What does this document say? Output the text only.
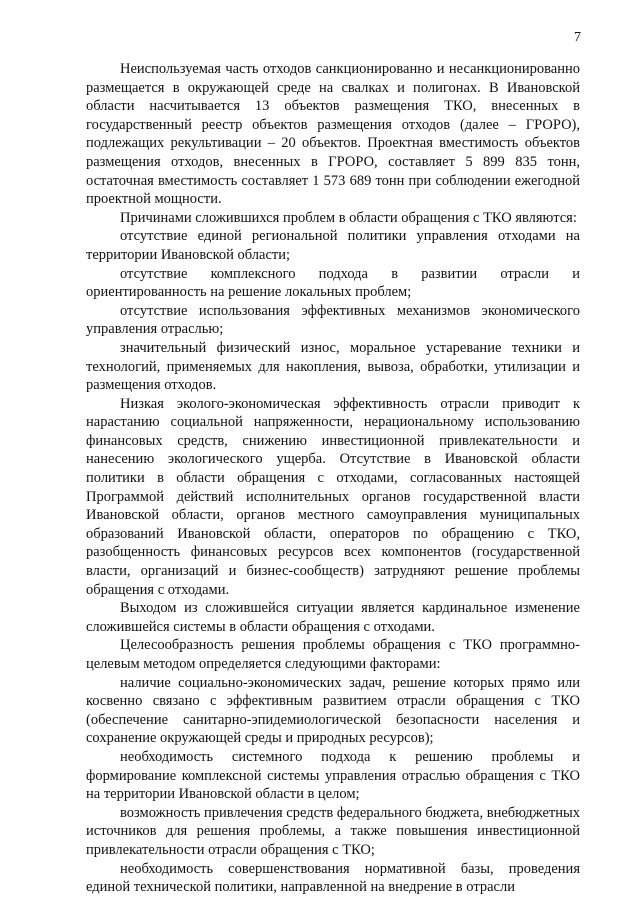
7

Неиспользуемая часть отходов санкционированно и несанкционированно размещается в окружающей среде на свалках и полигонах. В Ивановской области насчитывается 13 объектов размещения ТКО, внесенных в государственный реестр объектов размещения отходов (далее – ГРОРО), подлежащих рекультивации – 20 объектов. Проектная вместимость объектов размещения отходов, внесенных в ГРОРО, составляет 5 899 835 тонн, остаточная вместимость составляет 1 573 689 тонн при соблюдении ежегодной проектной мощности.

Причинами сложившихся проблем в области обращения с ТКО являются:

отсутствие единой региональной политики управления отходами на территории Ивановской области;

отсутствие комплексного подхода в развитии отрасли и ориентированность на решение локальных проблем;

отсутствие использования эффективных механизмов экономического управления отраслью;

значительный физический износ, моральное устаревание техники и технологий, применяемых для накопления, вывоза, обработки, утилизации и размещения отходов.

Низкая эколого-экономическая эффективность отрасли приводит к нарастанию социальной напряженности, нерациональному использованию финансовых средств, снижению инвестиционной привлекательности и нанесению экологического ущерба. Отсутствие в Ивановской области политики в области обращения с отходами, согласованных настоящей Программой действий исполнительных органов государственной власти Ивановской области, органов местного самоуправления муниципальных образований Ивановской области, операторов по обращению с ТКО, разобщенность финансовых ресурсов всех компонентов (государственной власти, организаций и бизнес-сообществ) затрудняют решение проблемы обращения с отходами.

Выходом из сложившейся ситуации является кардинальное изменение сложившейся системы в области обращения с отходами.

Целесообразность решения проблемы обращения с ТКО программно-целевым методом определяется следующими факторами:

наличие социально-экономических задач, решение которых прямо или косвенно связано с эффективным развитием отрасли обращения с ТКО (обеспечение санитарно-эпидемиологической безопасности населения и сохранение окружающей среды и природных ресурсов);

необходимость системного подхода к решению проблемы и формирование комплексной системы управления отраслью обращения с ТКО на территории Ивановской области в целом;

возможность привлечения средств федерального бюджета, внебюджетных источников для решения проблемы, а также повышения инвестиционной привлекательности отрасли обращения с ТКО;

необходимость совершенствования нормативной базы, проведения единой технической политики, направленной на внедрение в отрасли
